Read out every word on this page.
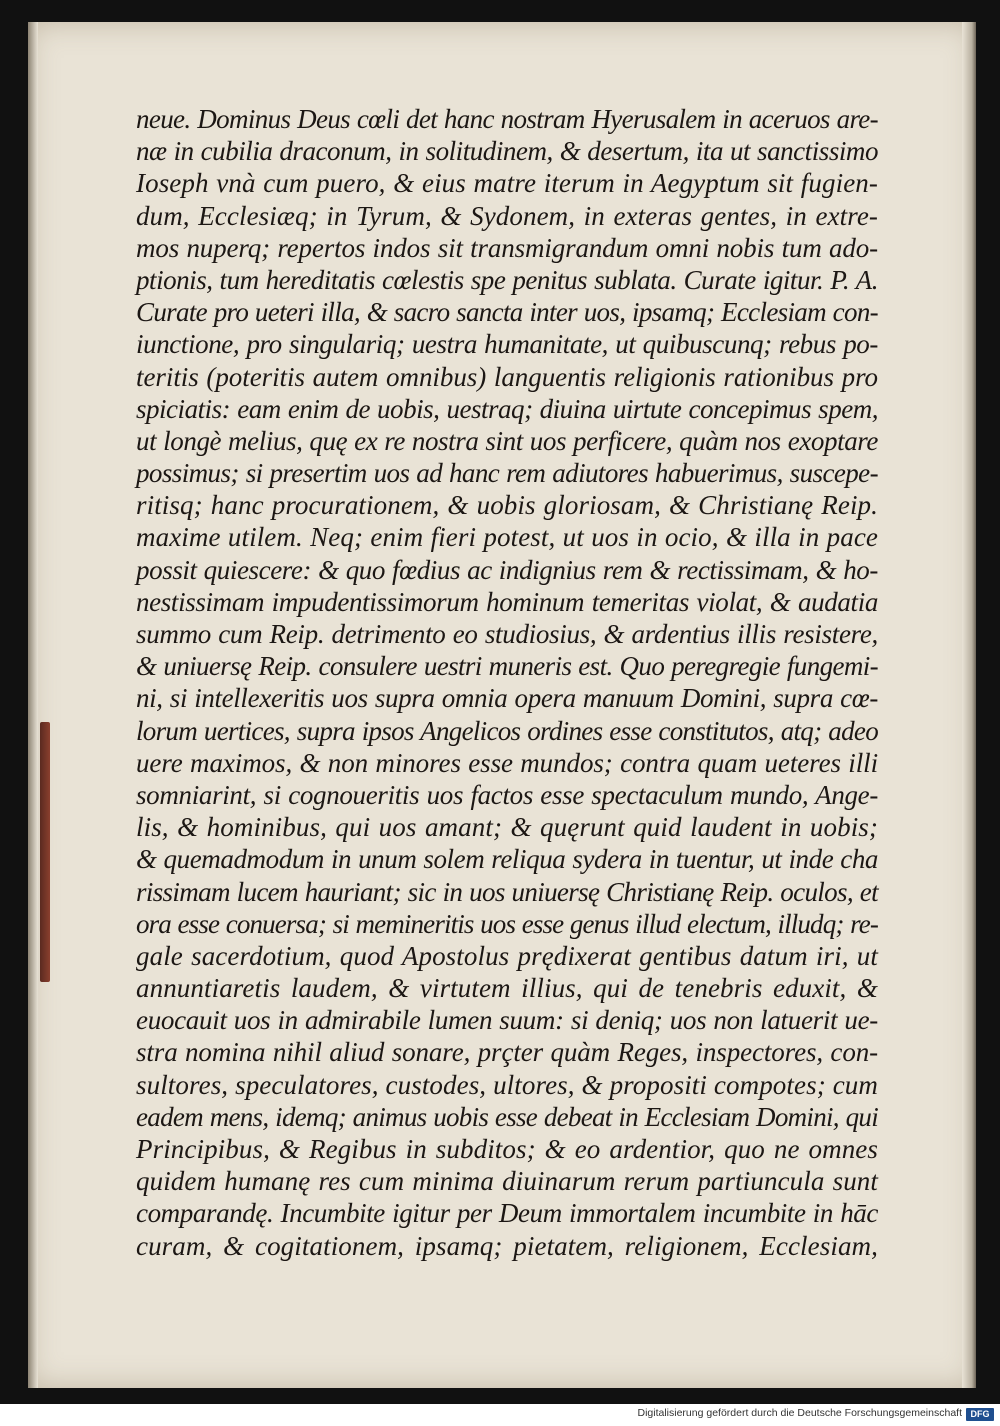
neue. Dominus Deus cœli det hanc nostram Hyerusalem in aceruos are-
næ in cubilia draconum, in solitudinem, & desertum, ita ut sanctissimo
Ioseph vnà cum puero, & eius matre iterum in Aegyptum sit fugien-
dum, Ecclesiæq; in Tyrum, & Sydonem, in exteras gentes, in extre-
mos nuperq; repertos indos sit transmigrandum omni nobis tum ado-
ptionis, tum hereditatis cœlestis spe penitus sublata. Curate igitur. P. A.
Curate pro ueteri illa, & sacro sancta inter uos, ipsamq; Ecclesiam con-
iunctione, pro singulariq; uestra humanitate, ut quibuscunq; rebus po-
teritis (poteritis autem omnibus) languentis religionis rationibus pro
spiciatis: eam enim de uobis, uestraq; diuina uirtute concepimus spem,
ut longè melius, quę ex re nostra sint uos perficere, quàm nos exoptare
possimus; si presertim uos ad hanc rem adiutores habuerimus, suscepe-
ritisq; hanc procurationem, & uobis gloriosam, & Christianę Reip.
maxime utilem. Neq; enim fieri potest, ut uos in ocio, & illa in pace
possit quiescere: & quo fœdius ac indignius rem & rectissimam, & ho-
nestissimam impudentissimorum hominum temeritas violat, & audatia
summo cum Reip. detrimento eo studiosius, & ardentius illis resistere,
& uniuersę Reip. consulere uestri muneris est. Quo peregregie fungemi-
ni, si intellexeritis uos supra omnia opera manuum Domini, supra cœ-
lorum uertices, supra ipsos Angelicos ordines esse constitutos, atq; adeo
uere maximos, & non minores esse mundos; contra quam ueteres illi
somniarint, si cognoueritis uos factos esse spectaculum mundo, Ange-
lis, & hominibus, qui uos amant; & quęrunt quid laudent in uobis;
& quemadmodum in unum solem reliqua sydera in tuentur, ut inde cha
rissimam lucem hauriant; sic in uos uniuersę Christianę Reip. oculos, et
ora esse conuersa; si memineritis uos esse genus illud electum, illudq; re-
gale sacerdotium, quod Apostolus prędixerat gentibus datum iri, ut
annuntiaretis laudem, & virtutem illius, qui de tenebris eduxit, &
euocauit uos in admirabile lumen suum: si deniq; uos non latuerit ue-
stra nomina nihil aliud sonare, prçter quàm Reges, inspectores, con-
sultores, speculatores, custodes, ultores, & propositi compotes; cum
eadem mens, idemq; animus uobis esse debeat in Ecclesiam Domini, qui
Principibus, & Regibus in subditos; & eo ardentior, quo ne omnes
quidem humanę res cum minima diuinarum rerum partiuncula sunt
comparandę. Incumbite igitur per Deum immortalem incumbite in hāc
curam, & cogitationem, ipsamq; pietatem, religionem, Ecclesiam,
Digitalisierung gefördert durch die Deutsche Forschungsgemeinschaft DFG
